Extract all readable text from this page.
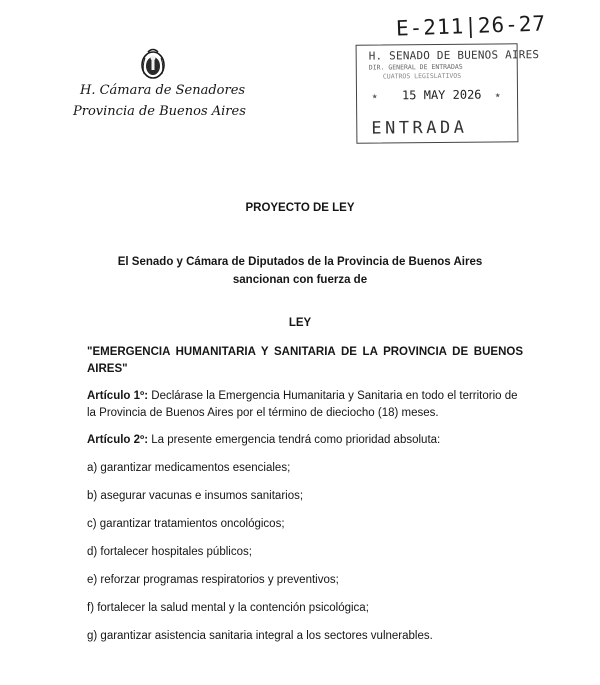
E-211|26-27
H. Cámara de Senadores
Provincia de Buenos Aires
H. SENADO DE BUENOS AIRES
DIR. GENERAL DE ENTRADAS
CUATROS LEGISLATIVOS
★ 15 MAY 2026 ★
ENTRADA
PROYECTO DE LEY
El Senado y Cámara de Diputados de la Provincia de Buenos Aires
sancionan con fuerza de
LEY
"EMERGENCIA HUMANITARIA Y SANITARIA DE LA PROVINCIA DE BUENOS AIRES"
Artículo 1º: Declárase la Emergencia Humanitaria y Sanitaria en todo el territorio de la Provincia de Buenos Aires por el término de dieciocho (18) meses.
Artículo 2º: La presente emergencia tendrá como prioridad absoluta:
a) garantizar medicamentos esenciales;
b) asegurar vacunas e insumos sanitarios;
c) garantizar tratamientos oncológicos;
d) fortalecer hospitales públicos;
e) reforzar programas respiratorios y preventivos;
f) fortalecer la salud mental y la contención psicológica;
g) garantizar asistencia sanitaria integral a los sectores vulnerables.
